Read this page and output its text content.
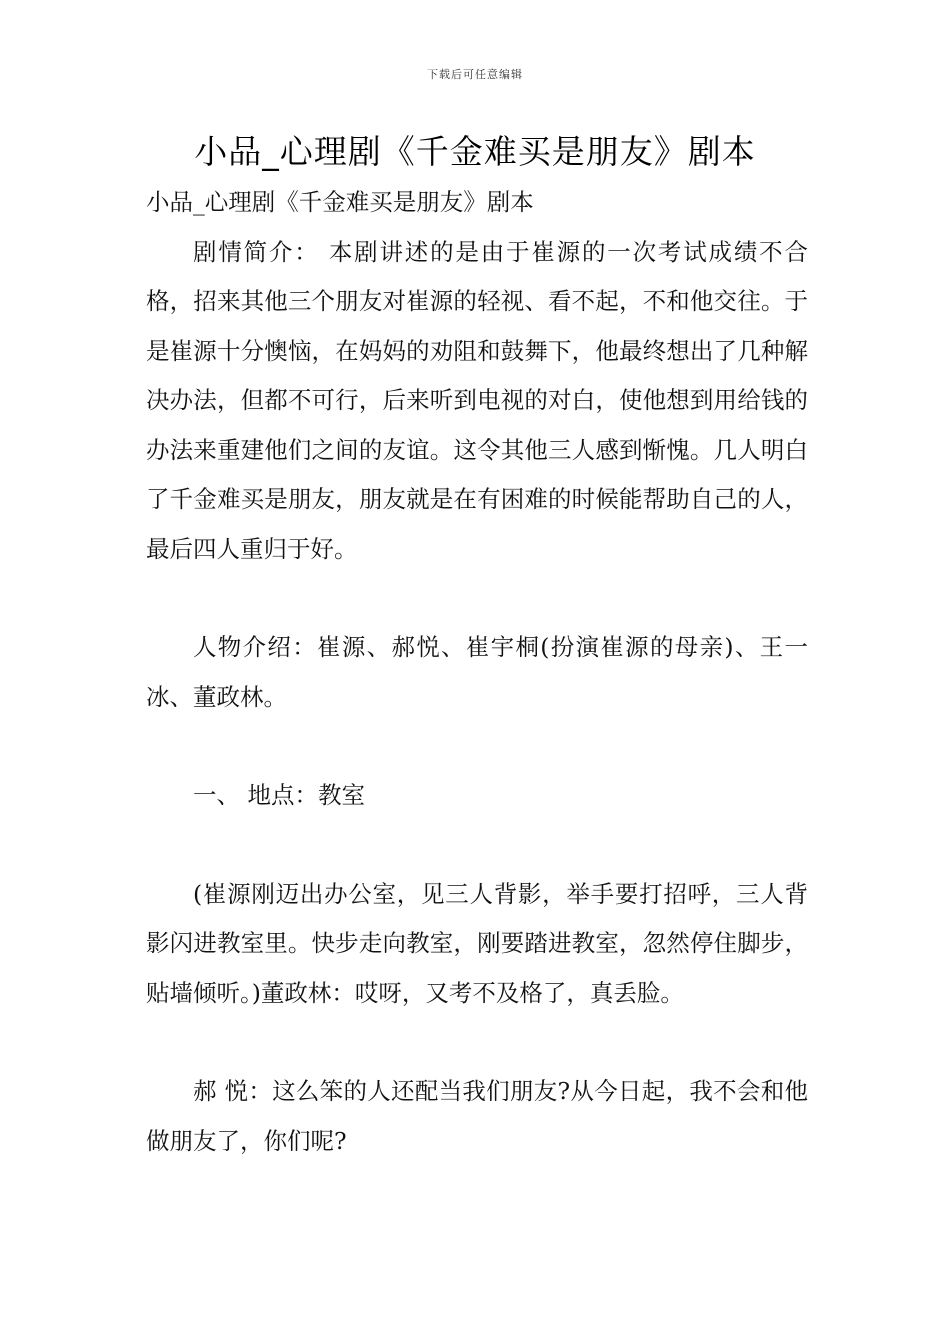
下载后可任意编辑
小品_心理剧《千金难买是朋友》剧本

小品_心理剧《千金难买是朋友》剧本

剧情简介： 本剧讲述的是由于崔源的一次考试成绩不合格，招来其他三个朋友对崔源的轻视、看不起，不和他交往。于是崔源十分懊恼，在妈妈的劝阻和鼓舞下，他最终想出了几种解决办法，但都不可行，后来听到电视的对白，使他想到用给钱的办法来重建他们之间的友谊。这令其他三人感到惭愧。几人明白了千金难买是朋友，朋友就是在有困难的时候能帮助自己的人，最后四人重归于好。

人物介绍：崔源、郝悦、崔宇桐(扮演崔源的母亲)、王一冰、董政林。

一、 地点：教室

(崔源刚迈出办公室，见三人背影，举手要打招呼，三人背影闪进教室里。快步走向教室，刚要踏进教室，忽然停住脚步，贴墙倾听。)董政林：哎呀，又考不及格了，真丢脸。

郝 悦：这么笨的人还配当我们朋友?从今日起，我不会和他做朋友了，你们呢?
